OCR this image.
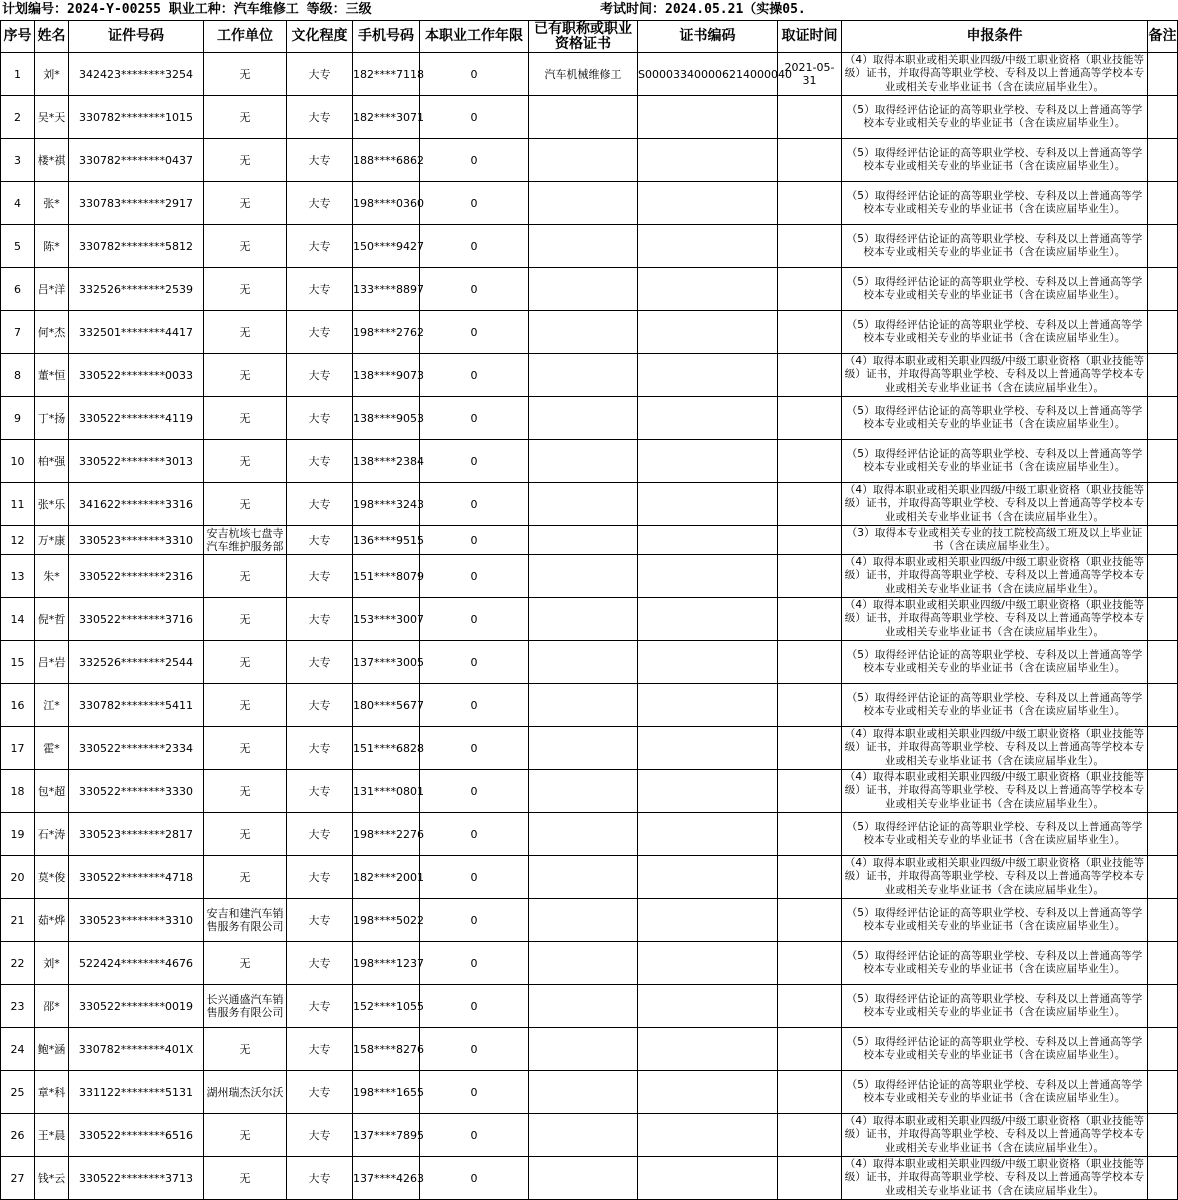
计划编号：2024-Y-00255 职业工种：汽车维修工 等级：三级	考试时间：2024.05.21（实操05.
序号	姓名	证件号码	工作单位	文化程度	手机号码	本职业工作年限	已有职称或职业资格证书	证书编码	取证时间	申报条件	备注
1	刘*	342423********3254	无	大专	182****7118	0	汽车机械维修工	S000033400006214000040	2021-05-31	（4）取得本职业或相关职业四级/中级工职业资格（职业技能等级）证书，并取得高等职业学校、专科及以上普通高等学校本专业或相关专业毕业证书（含在读应届毕业生）。	
2	吴*天	330782********1015	无	大专	182****3071	0				（5）取得经评估论证的高等职业学校、专科及以上普通高等学校本专业或相关专业的毕业证书（含在读应届毕业生）。	
3	楼*祺	330782********0437	无	大专	188****6862	0				（5）取得经评估论证的高等职业学校、专科及以上普通高等学校本专业或相关专业的毕业证书（含在读应届毕业生）。	
4	张*	330783********2917	无	大专	198****0360	0				（5）取得经评估论证的高等职业学校、专科及以上普通高等学校本专业或相关专业的毕业证书（含在读应届毕业生）。	
5	陈*	330782********5812	无	大专	150****9427	0				（5）取得经评估论证的高等职业学校、专科及以上普通高等学校本专业或相关专业的毕业证书（含在读应届毕业生）。	
6	吕*洋	332526********2539	无	大专	133****8897	0				（5）取得经评估论证的高等职业学校、专科及以上普通高等学校本专业或相关专业的毕业证书（含在读应届毕业生）。	
7	何*杰	332501********4417	无	大专	198****2762	0				（5）取得经评估论证的高等职业学校、专科及以上普通高等学校本专业或相关专业的毕业证书（含在读应届毕业生）。	
8	董*恒	330522********0033	无	大专	138****9073	0				（4）取得本职业或相关职业四级/中级工职业资格（职业技能等级）证书，并取得高等职业学校、专科及以上普通高等学校本专业或相关专业毕业证书（含在读应届毕业生）。	
9	丁*扬	330522********4119	无	大专	138****9053	0				（5）取得经评估论证的高等职业学校、专科及以上普通高等学校本专业或相关专业的毕业证书（含在读应届毕业生）。	
10	柏*强	330522********3013	无	大专	138****2384	0				（5）取得经评估论证的高等职业学校、专科及以上普通高等学校本专业或相关专业的毕业证书（含在读应届毕业生）。	
11	张*乐	341622********3316	无	大专	198****3243	0				（4）取得本职业或相关职业四级/中级工职业资格（职业技能等级）证书，并取得高等职业学校、专科及以上普通高等学校本专业或相关专业毕业证书（含在读应届毕业生）。	
12	万*康	330523********3310	安吉杭垓七盘寺汽车维护服务部	大专	136****9515	0				（3）取得本专业或相关专业的技工院校高级工班及以上毕业证书（含在读应届毕业生）。	
13	朱*	330522********2316	无	大专	151****8079	0				（4）取得本职业或相关职业四级/中级工职业资格（职业技能等级）证书，并取得高等职业学校、专科及以上普通高等学校本专业或相关专业毕业证书（含在读应届毕业生）。	
14	倪*哲	330522********3716	无	大专	153****3007	0				（4）取得本职业或相关职业四级/中级工职业资格（职业技能等级）证书，并取得高等职业学校、专科及以上普通高等学校本专业或相关专业毕业证书（含在读应届毕业生）。	
15	吕*岩	332526********2544	无	大专	137****3005	0				（5）取得经评估论证的高等职业学校、专科及以上普通高等学校本专业或相关专业的毕业证书（含在读应届毕业生）。	
16	江*	330782********5411	无	大专	180****5677	0				（5）取得经评估论证的高等职业学校、专科及以上普通高等学校本专业或相关专业的毕业证书（含在读应届毕业生）。	
17	霍*	330522********2334	无	大专	151****6828	0				（4）取得本职业或相关职业四级/中级工职业资格（职业技能等级）证书，并取得高等职业学校、专科及以上普通高等学校本专业或相关专业毕业证书（含在读应届毕业生）。	
18	包*超	330522********3330	无	大专	131****0801	0				（4）取得本职业或相关职业四级/中级工职业资格（职业技能等级）证书，并取得高等职业学校、专科及以上普通高等学校本专业或相关专业毕业证书（含在读应届毕业生）。	
19	石*涛	330523********2817	无	大专	198****2276	0				（5）取得经评估论证的高等职业学校、专科及以上普通高等学校本专业或相关专业的毕业证书（含在读应届毕业生）。	
20	莫*俊	330522********4718	无	大专	182****2001	0				（4）取得本职业或相关职业四级/中级工职业资格（职业技能等级）证书，并取得高等职业学校、专科及以上普通高等学校本专业或相关专业毕业证书（含在读应届毕业生）。	
21	茹*烨	330523********3310	安吉和建汽车销售服务有限公司	大专	198****5022	0				（5）取得经评估论证的高等职业学校、专科及以上普通高等学校本专业或相关专业的毕业证书（含在读应届毕业生）。	
22	刘*	522424********4676	无	大专	198****1237	0				（5）取得经评估论证的高等职业学校、专科及以上普通高等学校本专业或相关专业的毕业证书（含在读应届毕业生）。	
23	邵*	330522********0019	长兴通盛汽车销售服务有限公司	大专	152****1055	0				（5）取得经评估论证的高等职业学校、专科及以上普通高等学校本专业或相关专业的毕业证书（含在读应届毕业生）。	
24	鲍*涵	330782********401X	无	大专	158****8276	0				（5）取得经评估论证的高等职业学校、专科及以上普通高等学校本专业或相关专业的毕业证书（含在读应届毕业生）。	
25	章*科	331122********5131	湖州瑞杰沃尔沃	大专	198****1655	0				（5）取得经评估论证的高等职业学校、专科及以上普通高等学校本专业或相关专业的毕业证书（含在读应届毕业生）。	
26	王*晨	330522********6516	无	大专	137****7895	0				（4）取得本职业或相关职业四级/中级工职业资格（职业技能等级）证书，并取得高等职业学校、专科及以上普通高等学校本专业或相关专业毕业证书（含在读应届毕业生）。	
27	钱*云	330522********3713	无	大专	137****4263	0				（4）取得本职业或相关职业四级/中级工职业资格（职业技能等级）证书，并取得高等职业学校、专科及以上普通高等学校本专业或相关专业毕业证书（含在读应届毕业生）。	
